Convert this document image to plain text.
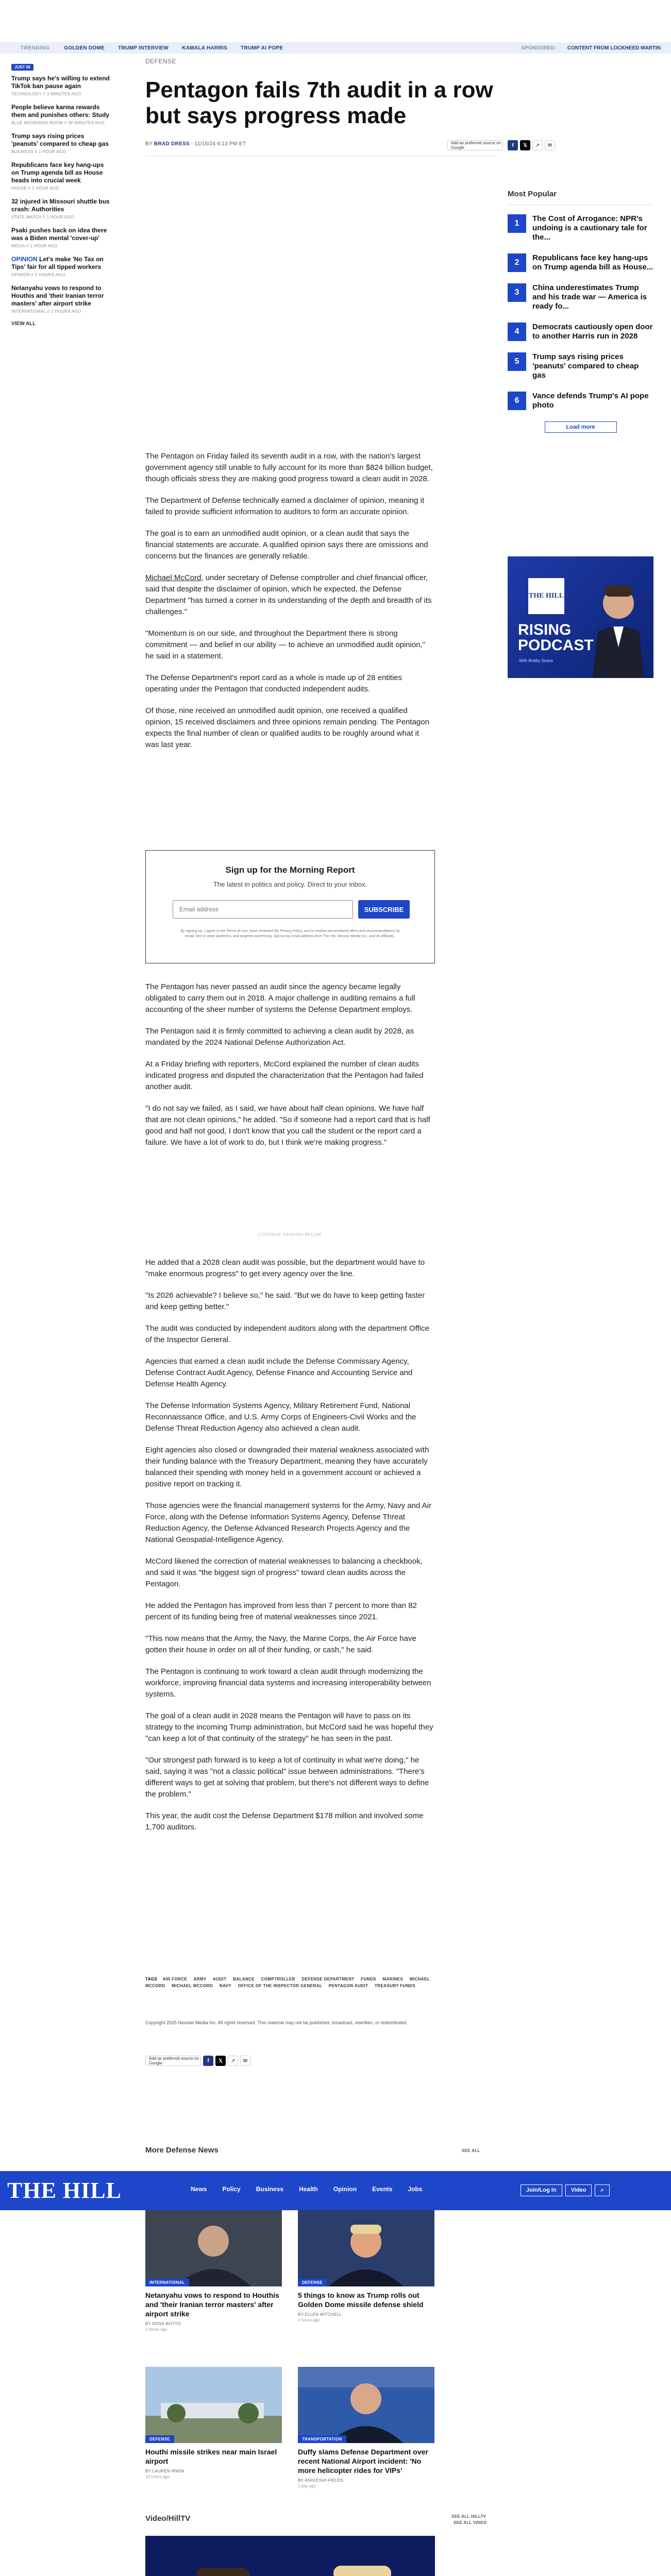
TRENDING	GOLDEN DOME	TRUMP INTERVIEW	KAMALA HARRIS	TRUMP AI POPE	SPONSORED: CONTENT FROM LOCKHEED MARTIN
JUST IN
Trump says he's willing to extend TikTok ban pause again
TECHNOLOGY // 2 MINUTES AGO
People believe karma rewards them and punishes others: Study
BLUE BROWSING ROOM // 38 MINUTES AGO
Trump says rising prices 'peanuts' compared to cheap gas
BUSINESS // 1 HOUR AGO
Republicans face key hang-ups on Trump agenda bill as House heads into crucial week
HOUSE // 1 HOUR AGO
32 injured in Missouri shuttle bus crash: Authorities
STATE WATCH // 1 HOUR AGO
Psaki pushes back on idea there was a Biden mental 'cover-up'
MEDIA // 1 HOUR AGO
OPINION Let's make 'No Tax on Tips' fair for all tipped workers
OPINION // 2 HOURS AGO
Netanyahu vows to respond to Houthis and 'their Iranian terror masters' after airport strike
INTERNATIONAL // 2 HOURS AGO
VIEW ALL
DEFENSE
Pentagon fails 7th audit in a row but says progress made
BY BRAD DRESS - 11/15/24 6:13 PM ET	Add as preferred source on Google	f	𝕏	↗	✉

The Pentagon on Friday failed its seventh audit in a row, with the nation's largest government agency still unable to fully account for its more than $824 billion budget, though officials stress they are making good progress toward a clean audit in 2028.

The Department of Defense technically earned a disclaimer of opinion, meaning it failed to provide sufficient information to auditors to form an accurate opinion.

The goal is to earn an unmodified audit opinion, or a clean audit that says the financial statements are accurate. A qualified opinion says there are omissions and concerns but the finances are generally reliable.

Michael McCord, under secretary of Defense comptroller and chief financial officer, said that despite the disclaimer of opinion, which he expected, the Defense Department "has turned a corner in its understanding of the depth and breadth of its challenges."

"Momentum is on our side, and throughout the Department there is strong commitment — and belief in our ability — to achieve an unmodified audit opinion," he said in a statement.

The Defense Department's report card as a whole is made up of 28 entities operating under the Pentagon that conducted independent audits.

Of those, nine received an unmodified audit opinion, one received a qualified opinion, 15 received disclaimers and three opinions remain pending. The Pentagon expects the final number of clean or qualified audits to be roughly around what it was last year.

Sign up for the Morning Report
The latest in politics and policy. Direct to your inbox.
Email address	SUBSCRIBE
By signing up, I agree to the Terms of Use, have reviewed the Privacy Policy, and to receive personalized offers and recommendations by email, text or other platforms, and targeted advertising. Opt-out by email address from The Hill. Nexstar Media Inc., and its affiliates.

The Pentagon has never passed an audit since the agency became legally obligated to carry them out in 2018. A major challenge in auditing remains a full accounting of the sheer number of systems the Defense Department employs.

The Pentagon said it is firmly committed to achieving a clean audit by 2028, as mandated by the 2024 National Defense Authorization Act.

At a Friday briefing with reporters, McCord explained the number of clean audits indicated progress and disputed the characterization that the Pentagon had failed another audit.

"I do not say we failed, as I said, we have about half clean opinions. We have half that are not clean opinions," he added. "So if someone had a report card that is half good and half not good, I don't know that you call the student or the report card a failure. We have a lot of work to do, but I think we're making progress."

CONTINUE READING BELOW

He added that a 2028 clean audit was possible, but the department would have to "make enormous progress" to get every agency over the line.

"Is 2026 achievable? I believe so," he said. "But we do have to keep getting faster and keep getting better."

The audit was conducted by independent auditors along with the department Office of the Inspector General.

Agencies that earned a clean audit include the Defense Commissary Agency, Defense Contract Audit Agency, Defense Finance and Accounting Service and Defense Health Agency.

The Defense Information Systems Agency, Military Retirement Fund, National Reconnaissance Office, and U.S. Army Corps of Engineers-Civil Works and the Defense Threat Reduction Agency also achieved a clean audit.

Eight agencies also closed or downgraded their material weakness associated with their funding balance with the Treasury Department, meaning they have accurately balanced their spending with money held in a government account or achieved a positive report on tracking it.

Those agencies were the financial management systems for the Army, Navy and Air Force, along with the Defense Information Systems Agency, Defense Threat Reduction Agency, the Defense Advanced Research Projects Agency and the National Geospatial-Intelligence Agency.

McCord likened the correction of material weaknesses to balancing a checkbook, and said it was "the biggest sign of progress" toward clean audits across the Pentagon.

He added the Pentagon has improved from less than 7 percent to more than 82 percent of its funding being free of material weaknesses since 2021.

"This now means that the Army, the Navy, the Marine Corps, the Air Force have gotten their house in order on all of their funding, or cash," he said.

The Pentagon is continuing to work toward a clean audit through modernizing the workforce, improving financial data systems and increasing interoperability between systems.

The goal of a clean audit in 2028 means the Pentagon will have to pass on its strategy to the incoming Trump administration, but McCord said he was hopeful they "can keep a lot of that continuity of the strategy" he has seen in the past.

"Our strongest path forward is to keep a lot of continuity in what we're doing," he said, saying it was "not a classic political" issue between administrations. "There's different ways to get at solving that problem, but there's not different ways to define the problem."

This year, the audit cost the Defense Department $178 million and involved some 1,700 auditors.

TAGS AIR FORCE ARMY AUDIT BALANCE COMPTROLLER DEFENSE DEPARTMENT FUNDS MARINES MICHAEL MCCORD MICHAEL MCCORD NAVY OFFICE OF THE INSPECTOR GENERAL PENTAGON AUDIT TREASURY FUNDS
Copyright 2025 Nexstar Media Inc. All rights reserved. This material may not be published, broadcast, rewritten, or redistributed.
Add as preferred source on Google	f	𝕏	↗	✉
Most Popular
1
The Cost of Arrogance: NPR's undoing is a cautionary tale for the...
2
Republicans face key hang-ups on Trump agenda bill as House...
3
China underestimates Trump and his trade war — America is ready fo...
4
Democrats cautiously open door to another Harris run in 2028
5
Trump says rising prices 'peanuts' compared to cheap gas
6
Vance defends Trump's AI pope photo
Load more
THE HILL
RISING
PODCAST
With Robby Soave
THE HILL	News	Policy	Business	Health	Opinion	Events	Jobs	Join/Log In	Video	⌕
More Defense News	SEE ALL
INTERNATIONAL
Netanyahu vows to respond to Houthis and 'their Iranian terror masters' after airport strike
BY ROSA BOYTO
2 hours ago
DEFENSE
5 things to know as Trump rolls out Golden Dome missile defense shield
BY ELLEN MITCHELL
4 hours ago
DEFENSE
Houthi missile strikes near main Israel airport
BY LAUREN IRWIN
10 hours ago
TRANSPORTATION
Duffy slams Defense Department over recent National Airport incident: 'No more helicopter rides for VIPs'
BY ASHLEIGH FIELDS
1 day ago
Video/HillTV	SEE ALL HILLTV
SEE ALL VIDEO
